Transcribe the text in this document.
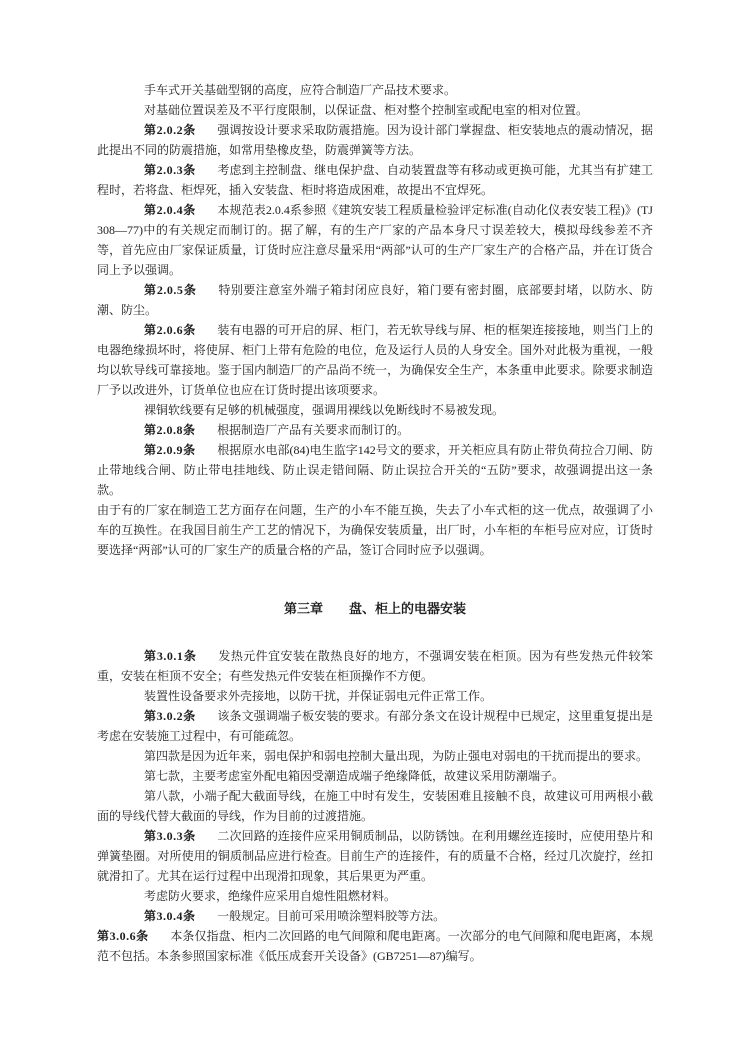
手车式开关基础型钢的高度，应符合制造厂产品技术要求。
对基础位置误差及不平行度限制，以保证盘、柜对整个控制室或配电室的相对位置。
第2.0.2条 强调按设计要求采取防震措施。因为设计部门掌握盘、柜安装地点的震动情况，据此提出不同的防震措施，如常用垫橡皮垫，防震弹簧等方法。
第2.0.3条 考虑到主控制盘、继电保护盘、自动装置盘等有移动或更换可能，尤其当有扩建工程时，若将盘、柜焊死，插入安装盘、柜时将造成困难，故提出不宜焊死。
第2.0.4条 本规范表2.0.4系参照《建筑安装工程质量检验评定标准(自动化仪表安装工程)》(TJ308—77)中的有关规定而制订的。据了解，有的生产厂家的产品本身尺寸误差较大，模拟母线参差不齐等，首先应由厂家保证质量，订货时应注意尽量采用“两部”认可的生产厂家生产的合格产品，并在订货合同上予以强调。
第2.0.5条 特别要注意室外端子箱封闭应良好，箱门要有密封圈，底部要封堵，以防水、防潮、防尘。
第2.0.6条 装有电器的可开启的屏、柜门，若无软导线与屏、柜的框架连接接地，则当门上的电器绝缘损坏时，将使屏、柜门上带有危险的电位，危及运行人员的人身安全。国外对此极为重视，一般均以软导线可靠接地。鉴于国内制造厂的产品尚不统一，为确保安全生产，本条重申此要求。除要求制造厂予以改进外，订货单位也应在订货时提出该项要求。
裸铜软线要有足够的机械强度，强调用裸线以免断线时不易被发现。
第2.0.8条 根据制造厂产品有关要求而制订的。
第2.0.9条 根据原水电部(84)电生监字142号文的要求，开关柜应具有防止带负荷拉合刀闸、防止带地线合闸、防止带电挂地线、防止误走错间隔、防止误拉合开关的“五防”要求，故强调提出这一条款。
由于有的厂家在制造工艺方面存在问题，生产的小车不能互换，失去了小车式柜的这一优点，故强调了小车的互换性。在我国目前生产工艺的情况下，为确保安装质量，出厂时，小车柜的车柜号应对应，订货时要选择“两部”认可的厂家生产的质量合格的产品，签订合同时应予以强调。
第三章 盘、柜上的电器安装
第3.0.1条 发热元件宜安装在散热良好的地方，不强调安装在柜顶。因为有些发热元件较笨重，安装在柜顶不安全；有些发热元件安装在柜顶操作不方便。
装置性设备要求外壳接地，以防干扰，并保证弱电元件正常工作。
第3.0.2条 该条文强调端子板安装的要求。有部分条文在设计规程中已规定，这里重复提出是考虑在安装施工过程中，有可能疏忽。
第四款是因为近年来，弱电保护和弱电控制大量出现，为防止强电对弱电的干扰而提出的要求。
第七款，主要考虑室外配电箱因受潮造成端子绝缘降低，故建议采用防潮端子。
第八款，小端子配大截面导线，在施工中时有发生，安装困难且接触不良，故建议可用两根小截面的导线代替大截面的导线，作为目前的过渡措施。
第3.0.3条 二次回路的连接件应采用铜质制品，以防锈蚀。在利用螺丝连接时，应使用垫片和弹簧垫圈。对所使用的铜质制品应进行检查。目前生产的连接件，有的质量不合格，经过几次旋拧，丝扣就滑扣了。尤其在运行过程中出现滑扣现象，其后果更为严重。
考虑防火要求，绝缘件应采用自熄性阻燃材料。
第3.0.4条 一般规定。目前可采用喷涂塑料胶等方法。
第3.0.6条 本条仅指盘、柜内二次回路的电气间隙和爬电距离。一次部分的电气间隙和爬电距离，本规范不包括。本条参照国家标准《低压成套开关设备》(GB7251—87)编写。
